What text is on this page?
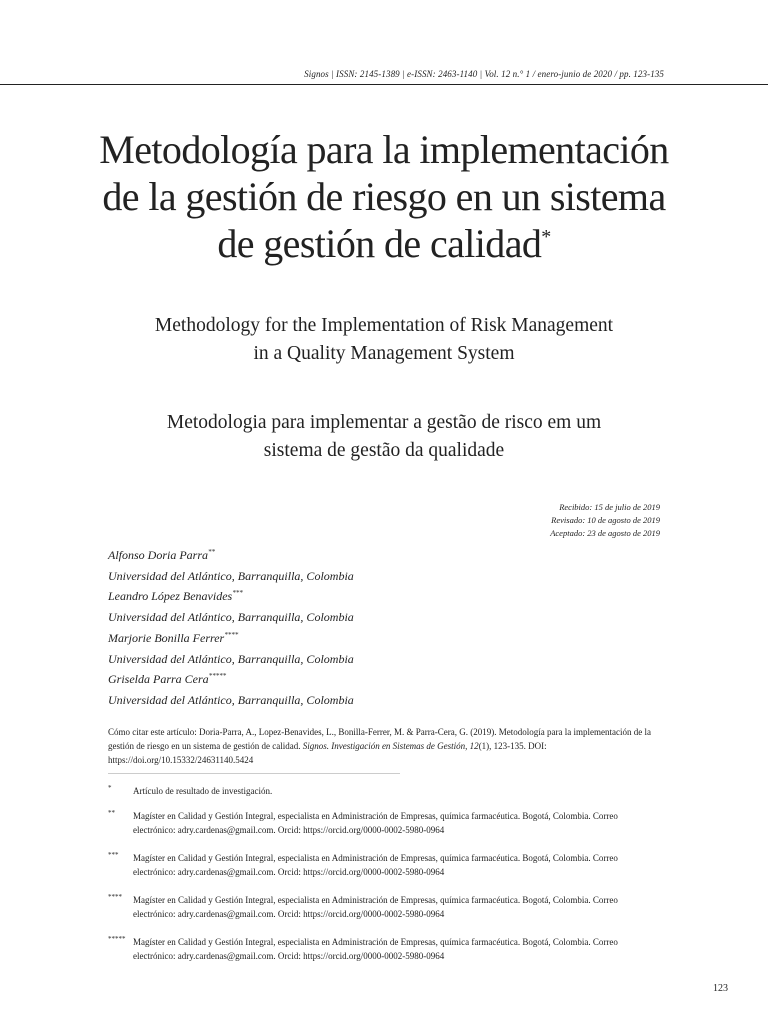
Signos | ISSN: 2145-1389 | e-ISSN: 2463-1140 | Vol. 12 n.° 1 / enero-junio de 2020 / pp. 123-135
Metodología para la implementación
de la gestión de riesgo en un sistema
de gestión de calidad*
Methodology for the Implementation of Risk Management
in a Quality Management System
Metodologia para implementar a gestão de risco em um
sistema de gestão da qualidade
Recibido: 15 de julio de 2019
Revisado: 10 de agosto de 2019
Aceptado: 23 de agosto de 2019
Alfonso Doria Parra**
Universidad del Atlántico, Barranquilla, Colombia
Leandro López Benavides***
Universidad del Atlántico, Barranquilla, Colombia
Marjorie Bonilla Ferrer****
Universidad del Atlántico, Barranquilla, Colombia
Griselda Parra Cera*****
Universidad del Atlántico, Barranquilla, Colombia
Cómo citar este artículo: Doria-Parra, A., Lopez-Benavides, L., Bonilla-Ferrer, M. & Parra-Cera, G. (2019). Metodología para la implementación de la gestión de riesgo en un sistema de gestión de calidad. Signos. Investigación en Sistemas de Gestión, 12(1), 123-135. DOI: https://doi.org/10.15332/24631140.5424
* Artículo de resultado de investigación.
** Magíster en Calidad y Gestión Integral, especialista en Administración de Empresas, química farmacéutica. Bogotá, Colombia. Correo electrónico: adry.cardenas@gmail.com. Orcid: https://orcid.org/0000-0002-5980-0964
*** Magíster en Calidad y Gestión Integral, especialista en Administración de Empresas, química farmacéutica. Bogotá, Colombia. Correo electrónico: adry.cardenas@gmail.com. Orcid: https://orcid.org/0000-0002-5980-0964
**** Magíster en Calidad y Gestión Integral, especialista en Administración de Empresas, química farmacéutica. Bogotá, Colombia. Correo electrónico: adry.cardenas@gmail.com. Orcid: https://orcid.org/0000-0002-5980-0964
***** Magíster en Calidad y Gestión Integral, especialista en Administración de Empresas, química farmacéutica. Bogotá, Colombia. Correo electrónico: adry.cardenas@gmail.com. Orcid: https://orcid.org/0000-0002-5980-0964
123
